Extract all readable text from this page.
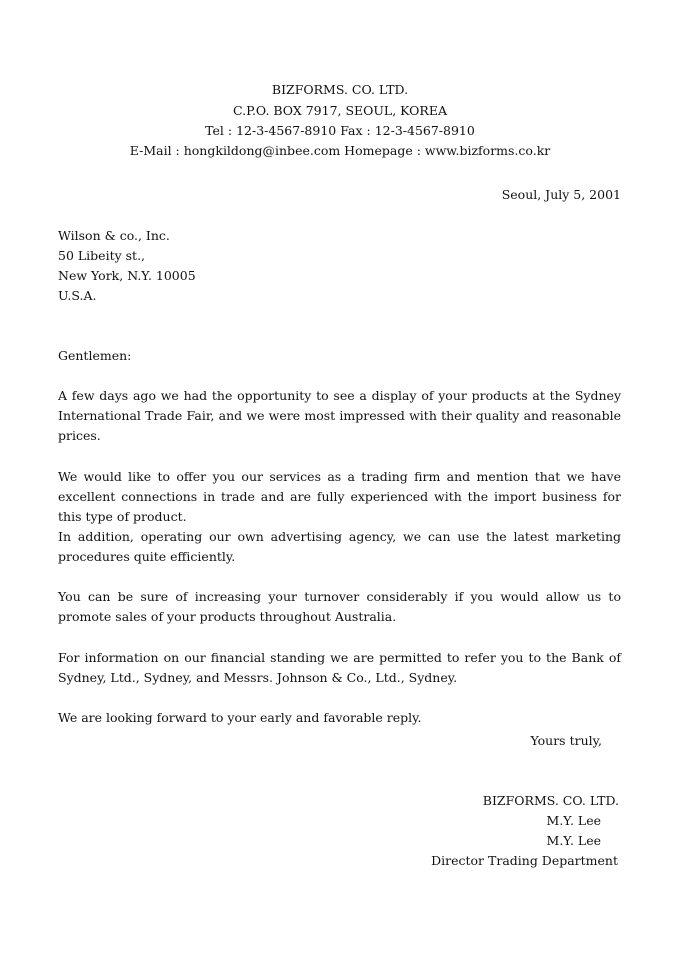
BIZFORMS. CO. LTD.
C.P.O. BOX 7917, SEOUL, KOREA
Tel : 12-3-4567-8910 Fax : 12-3-4567-8910
E-Mail : hongkildong@inbee.com Homepage : www.bizforms.co.kr
Seoul, July 5, 2001
Wilson & co., Inc.
50 Libeity st.,
New York, N.Y. 10005
U.S.A.
Gentlemen:
A few days ago we had the opportunity to see a display of your products at the Sydney International Trade Fair, and we were most impressed with their quality and reasonable prices.
We would like to offer you our services as a trading firm and mention that we have excellent connections in trade and are fully experienced with the import business for this type of product.
In addition, operating our own advertising agency, we can use the latest marketing procedures quite efficiently.
You can be sure of increasing your turnover considerably if you would allow us to promote sales of your products throughout Australia.
For information on our financial standing we are permitted to refer you to the Bank of Sydney, Ltd., Sydney, and Messrs. Johnson & Co., Ltd., Sydney.
We are looking forward to your early and favorable reply.
Yours truly,
BIZFORMS. CO. LTD.
M.Y. Lee
M.Y. Lee
Director Trading Department
